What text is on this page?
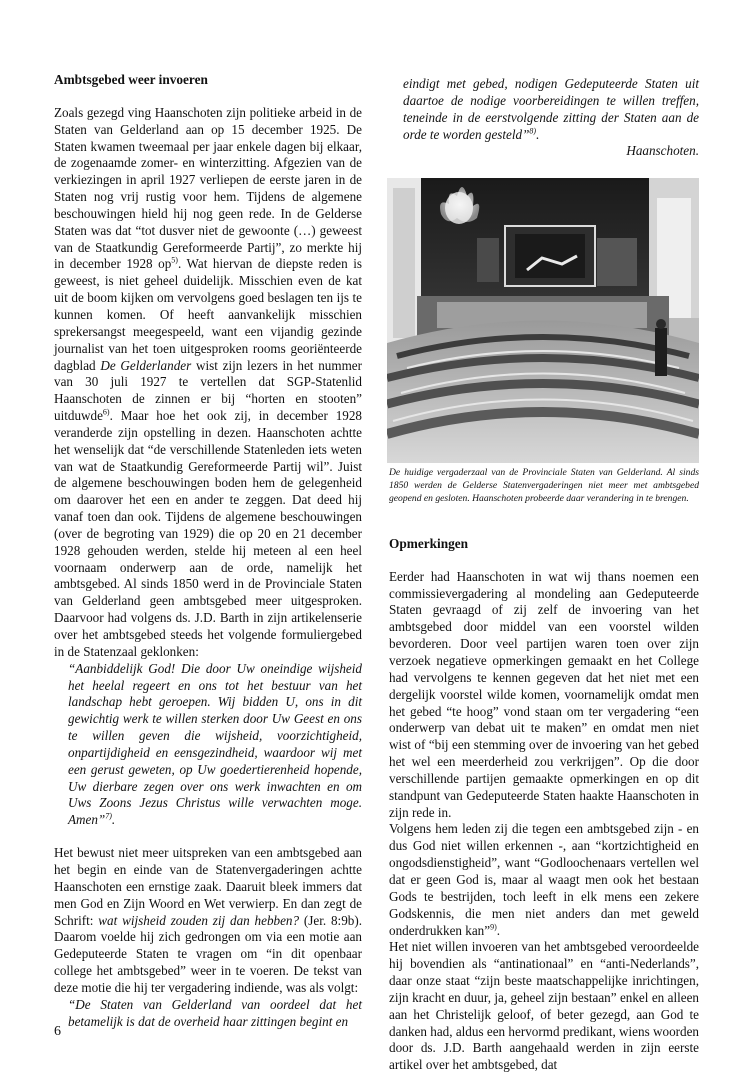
Ambtsgebed weer invoeren

Zoals gezegd ving Haanschoten zijn politieke arbeid in de Staten van Gelderland aan op 15 december 1925. De Staten kwamen tweemaal per jaar enkele dagen bij elkaar, de zogenaamde zomer- en winterzitting. Afgezien van de verkiezingen in april 1927 verliepen de eerste jaren in de Staten nog vrij rustig voor hem. Tijdens de algemene beschouwingen hield hij nog geen rede. In de Gelderse Staten was dat “tot dusver niet de gewoonte (…) geweest van de Staatkundig Gereformeerde Partij”, zo merkte hij in december 1928 $op^{5)}$. Wat hiervan de diepste reden is geweest, is niet geheel duidelijk. Misschien even de kat uit de boom kijken om vervolgens goed beslagen ten ijs te kunnen komen. Of heeft aanvankelijk misschien sprekersangst meegespeeld, want een vijandig gezinde journalist van het toen uitgesproken rooms georiënteerde dagblad De Gelderlander wist zijn lezers in het nummer van 30 juli 1927 te vertellen dat SGP-Statenlid Haanschoten de zinnen er bij “horten en stooten” uitduwde$^{6)}$. Maar hoe het ook zij, in december 1928 veranderde zijn opstelling in dezen. Haanschoten achtte het wenselijk dat “de verschillende Statenleden iets weten van wat de Staatkundig Gereformeerde Partij wil”. Juist de algemene beschouwingen boden hem de gelegenheid om daarover het een en ander te zeggen. Dat deed hij vanaf toen dan ook. Tijdens de algemene beschouwingen (over de begroting van 1929) die op 20 en 21 december 1928 gehouden werden, stelde hij meteen al een heel voornaam onderwerp aan de orde, namelijk het ambtsgebed. Al sinds 1850 werd in de Provinciale Staten van Gelderland geen ambtsgebed meer uitgesproken. Daarvoor had volgens ds. J.D. Barth in zijn artikelenserie over het ambtsgebed steeds het volgende formuliergebed in de Statenzaal geklonken:

“Aanbiddelijk God! Die door Uw oneindige wijsheid het heelal regeert en ons tot het bestuur van het landschap hebt geroepen. Wij bidden U, ons in dit gewichtig werk te willen sterken door Uw Geest en ons te willen geven die wijsheid, voorzichtigheid, onpartijdigheid en eensgezindheid, waardoor wij met een gerust geweten, op Uw goedertierenheid hopende, Uw dierbare zegen over ons werk inwachten en om Uws Zoons Jezus Christus wille verwachten moge. Amen”$^{7)}$.

Het bewust niet meer uitspreken van een ambtsgebed aan het begin en einde van de Statenvergaderingen achtte Haanschoten een ernstige zaak. Daaruit bleek immers dat men God en Zijn Woord en Wet verwierp. En dan zegt de Schrift: wat wijsheid zouden zij dan hebben? (Jer. 8:9b). Daarom voelde hij zich gedrongen om via een motie aan Gedeputeerde Staten te vragen om “in dit openbaar college het ambtsgebed” weer in te voeren. De tekst van deze motie die hij ter vergadering indiende, was als volgt:

“De Staten van Gelderland van oordeel dat het betamelijk is dat de overheid haar zittingen begint en

eindigt met gebed, nodigen Gedeputeerde Staten uit daartoe de nodige voorbereidingen te willen treffen, teneinde in de eerstvolgende zitting der Staten aan de orde te worden gesteld”$^{8)}$.

Haanschoten.

De huidige vergaderzaal van de Provinciale Staten van Gelderland. Al sinds 1850 werden de Gelderse Statenvergaderingen niet meer met ambtsgebed geopend en gesloten. Haanschoten probeerde daar verandering in te brengen.

Opmerkingen

Eerder had Haanschoten in wat wij thans noemen een commissievergadering al mondeling aan Gedeputeerde Staten gevraagd of zij zelf de invoering van het ambtsgebed door middel van een voorstel wilden bevorderen. Door veel partijen waren toen over zijn verzoek negatieve opmerkingen gemaakt en het College had vervolgens te kennen gegeven dat het niet met een dergelijk voorstel wilde komen, voornamelijk omdat men het gebed “te hoog” vond staan om ter vergadering “een onderwerp van debat uit te maken” en omdat men niet wist of “bij een stemming over de invoering van het gebed het wel een meerderheid zou verkrijgen”. Op die door verschillende partijen gemaakte opmerkingen en op dit standpunt van Gedeputeerde Staten haakte Haanschoten in zijn rede in.

Volgens hem leden zij die tegen een ambtsgebed zijn - en dus God niet willen erkennen -, aan “kortzichtigheid en ongodsdienstigheid”, want “Godloochenaars vertellen wel dat er geen God is, maar al waagt men ook het bestaan Gods te bestrijden, toch leeft in elk mens een zekere Godskennis, die men niet anders dan met geweld onderdrukken kan”$^{9)}$.

Het niet willen invoeren van het ambtsgebed veroordeelde hij bovendien als “antinationaal” en “anti-Nederlands”, daar onze staat “zijn beste maatschappelijke inrichtingen, zijn kracht en duur, ja, geheel zijn bestaan” enkel en alleen aan het Christelijk geloof, of beter gezegd, aan God te danken had, aldus een hervormd predikant, wiens woorden door ds. J.D. Barth aangehaald werden in zijn eerste artikel over het ambtsgebed, dat

6
